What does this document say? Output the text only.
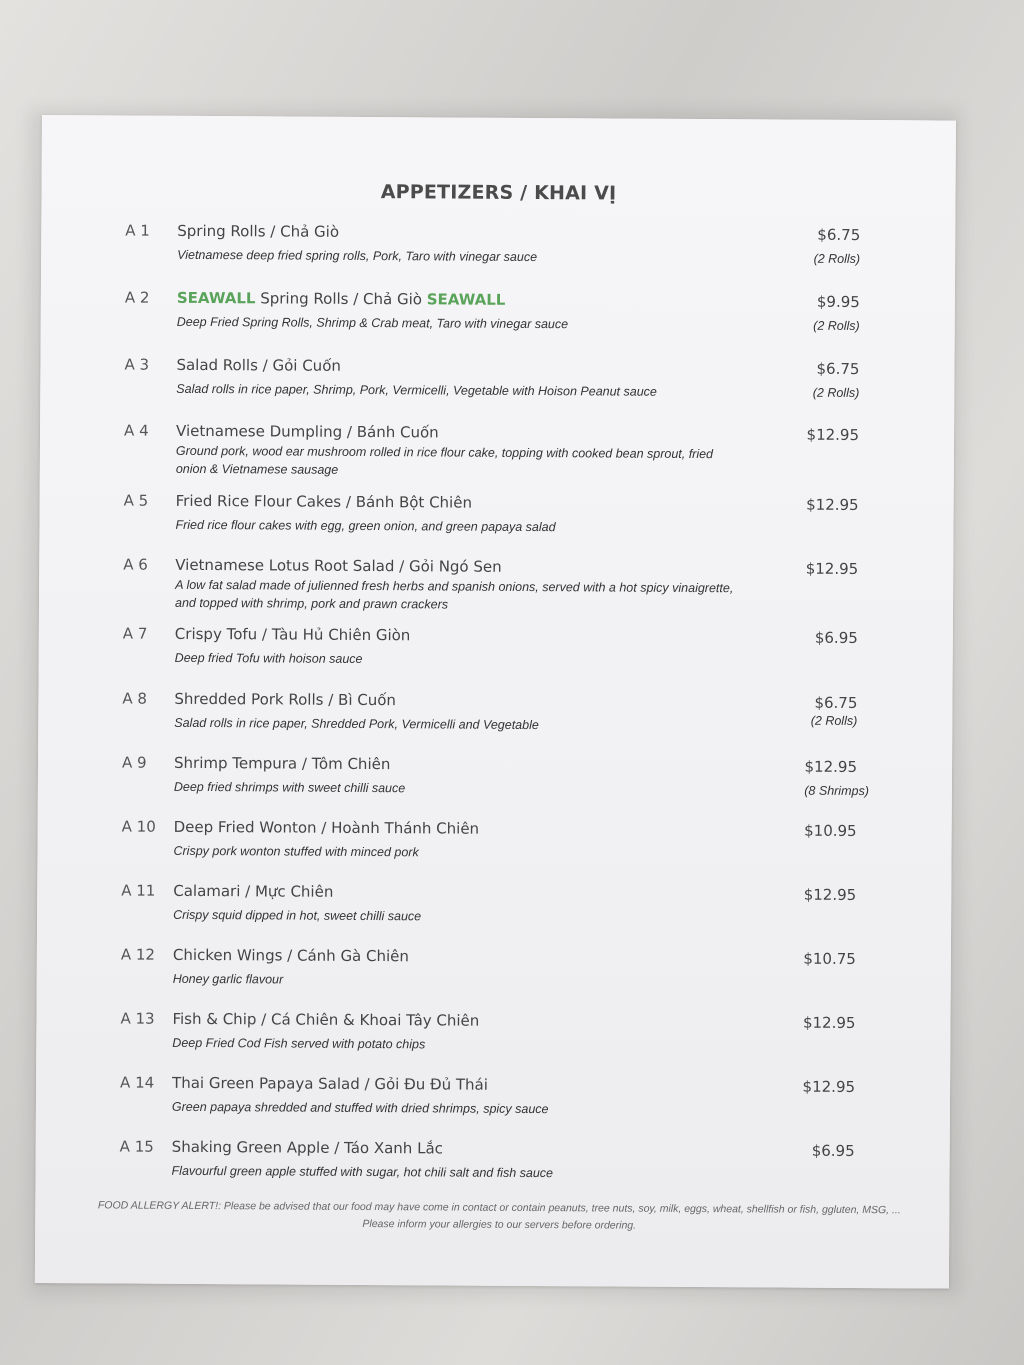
APPETIZERS / KHAI VỊ
A 1 Spring Rolls / Chả Giò
Vietnamese deep fried spring rolls, Pork, Taro with vinegar sauce
$6.75
(2 Rolls)
A 2 SEAWALL Spring Rolls / Chả Giò SEAWALL
Deep Fried Spring Rolls, Shrimp & Crab meat, Taro with vinegar sauce
$9.95
(2 Rolls)
A 3 Salad Rolls / Gỏi Cuốn
Salad rolls in rice paper, Shrimp, Pork, Vermicelli, Vegetable with Hoison Peanut sauce
$6.75
(2 Rolls)
A 4 Vietnamese Dumpling / Bánh Cuốn
Ground pork, wood ear mushroom rolled in rice flour cake, topping with cooked bean sprout, fried onion & Vietnamese sausage
$12.95
A 5 Fried Rice Flour Cakes / Bánh Bột Chiên
Fried rice flour cakes with egg, green onion, and green papaya salad
$12.95
A 6 Vietnamese Lotus Root Salad / Gỏi Ngó Sen
A low fat salad made of julienned fresh herbs and spanish onions, served with a hot spicy vinaigrette, and topped with shrimp, pork and prawn crackers
$12.95
A 7 Crispy Tofu / Tàu Hủ Chiên Giòn
Deep fried Tofu with hoison sauce
$6.95
A 8 Shredded Pork Rolls / Bì Cuốn
Salad rolls in rice paper, Shredded Pork, Vermicelli and Vegetable
$6.75
(2 Rolls)
A 9 Shrimp Tempura / Tôm Chiên
Deep fried shrimps with sweet chilli sauce
$12.95
(8 Shrimps)
A 10 Deep Fried Wonton / Hoành Thánh Chiên
Crispy pork wonton stuffed with minced pork
$10.95
A 11 Calamari / Mực Chiên
Crispy squid dipped in hot, sweet chilli sauce
$12.95
A 12 Chicken Wings / Cánh Gà Chiên
Honey garlic flavour
$10.75
A 13 Fish & Chip / Cá Chiên & Khoai Tây Chiên
Deep Fried Cod Fish served with potato chips
$12.95
A 14 Thai Green Papaya Salad / Gỏi Đu Đủ Thái
Green papaya shredded and stuffed with dried shrimps, spicy sauce
$12.95
A 15 Shaking Green Apple / Táo Xanh Lắc
Flavourful green apple stuffed with sugar, hot chili salt and fish sauce
$6.95
FOOD ALLERGY ALERT!: Please be advised that our food may have come in contact or contain peanuts, tree nuts, soy, milk, eggs, wheat, shellfish or fish, ggluten, MSG, ... Please inform your allergies to our servers before ordering.
